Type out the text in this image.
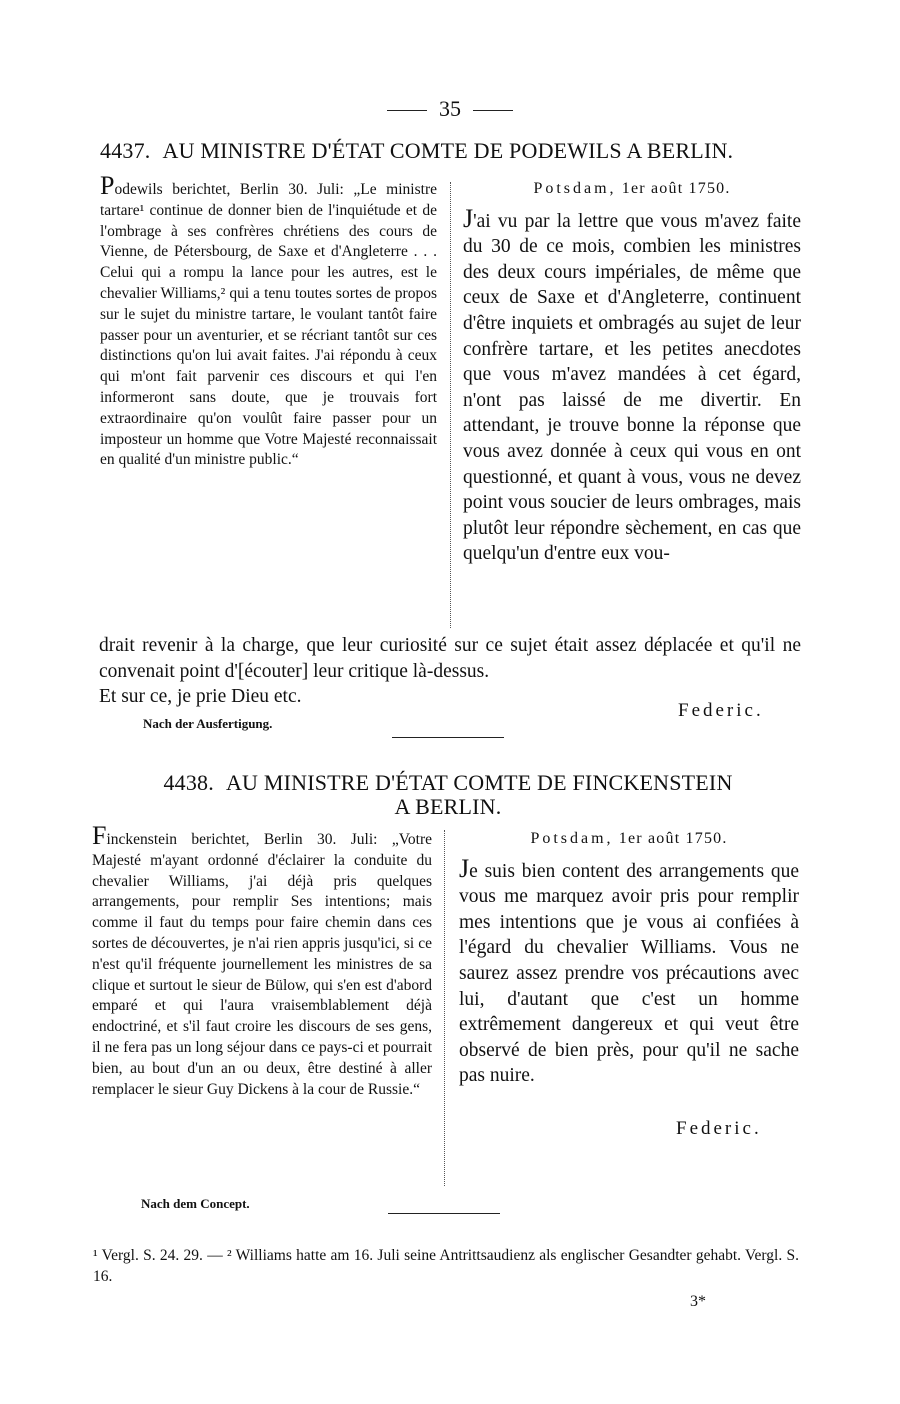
35
4437. AU MINISTRE D'ÉTAT COMTE DE PODEWILS A BERLIN.
Podewils berichtet, Berlin 30. Juli: „Le ministre tartare¹ continue de donner bien de l'inquiétude et de l'ombrage à ses confrères chrétiens des cours de Vienne, de Pétersbourg, de Saxe et d'Angleterre . . . Celui qui a rompu la lance pour les autres, est le chevalier Williams,² qui a tenu toutes sortes de propos sur le sujet du ministre tartare, le voulant tantôt faire passer pour un aventurier, et se récriant tantôt sur ces distinctions qu'on lui avait faites. J'ai répondu à ceux qui m'ont fait parvenir ces discours et qui l'en informeront sans doute, que je trouvais fort extraordinaire qu'on voulût faire passer pour un imposteur un homme que Votre Majesté reconnaissait en qualité d'un ministre public.“
Potsdam, 1er août 1750.
J'ai vu par la lettre que vous m'avez faite du 30 de ce mois, combien les ministres des deux cours impériales, de même que ceux de Saxe et d'Angleterre, continuent d'être inquiets et ombragés au sujet de leur confrère tartare, et les petites anecdotes que vous m'avez mandées à cet égard, n'ont pas laissé de me divertir. En attendant, je trouve bonne la réponse que vous avez donnée à ceux qui vous en ont questionné, et quant à vous, vous ne devez point vous soucier de leurs ombrages, mais plutôt leur répondre sèchement, en cas que quelqu'un d'entre eux vou-
drait revenir à la charge, que leur curiosité sur ce sujet était assez déplacée et qu'il ne convenait point d'[écouter] leur critique là-dessus.
Et sur ce, je prie Dieu etc.
Federic.
Nach der Ausfertigung.
4438. AU MINISTRE D'ÉTAT COMTE DE FINCKENSTEIN
A BERLIN.
Finckenstein berichtet, Berlin 30. Juli: „Votre Majesté m'ayant ordonné d'éclairer la conduite du chevalier Williams, j'ai déjà pris quelques arrangements, pour remplir Ses intentions; mais comme il faut du temps pour faire chemin dans ces sortes de découvertes, je n'ai rien appris jusqu'ici, si ce n'est qu'il fréquente journellement les ministres de sa clique et surtout le sieur de Bülow, qui s'en est d'abord emparé et qui l'aura vraisemblablement déjà endoctriné, et s'il faut croire les discours de ses gens, il ne fera pas un long séjour dans ce pays-ci et pourrait bien, au bout d'un an ou deux, être destiné à aller remplacer le sieur Guy Dickens à la cour de Russie.“
Potsdam, 1er août 1750.
Je suis bien content des arrangements que vous me marquez avoir pris pour remplir mes intentions que je vous ai confiées à l'égard du chevalier Williams. Vous ne saurez assez prendre vos précautions avec lui, d'autant que c'est un homme extrêmement dangereux et qui veut être observé de bien près, pour qu'il ne sache pas nuire.
Federic.
Nach dem Concept.
¹ Vergl. S. 24. 29. — ² Williams hatte am 16. Juli seine Antrittsaudienz als englischer Gesandter gehabt. Vergl. S. 16.
3*
